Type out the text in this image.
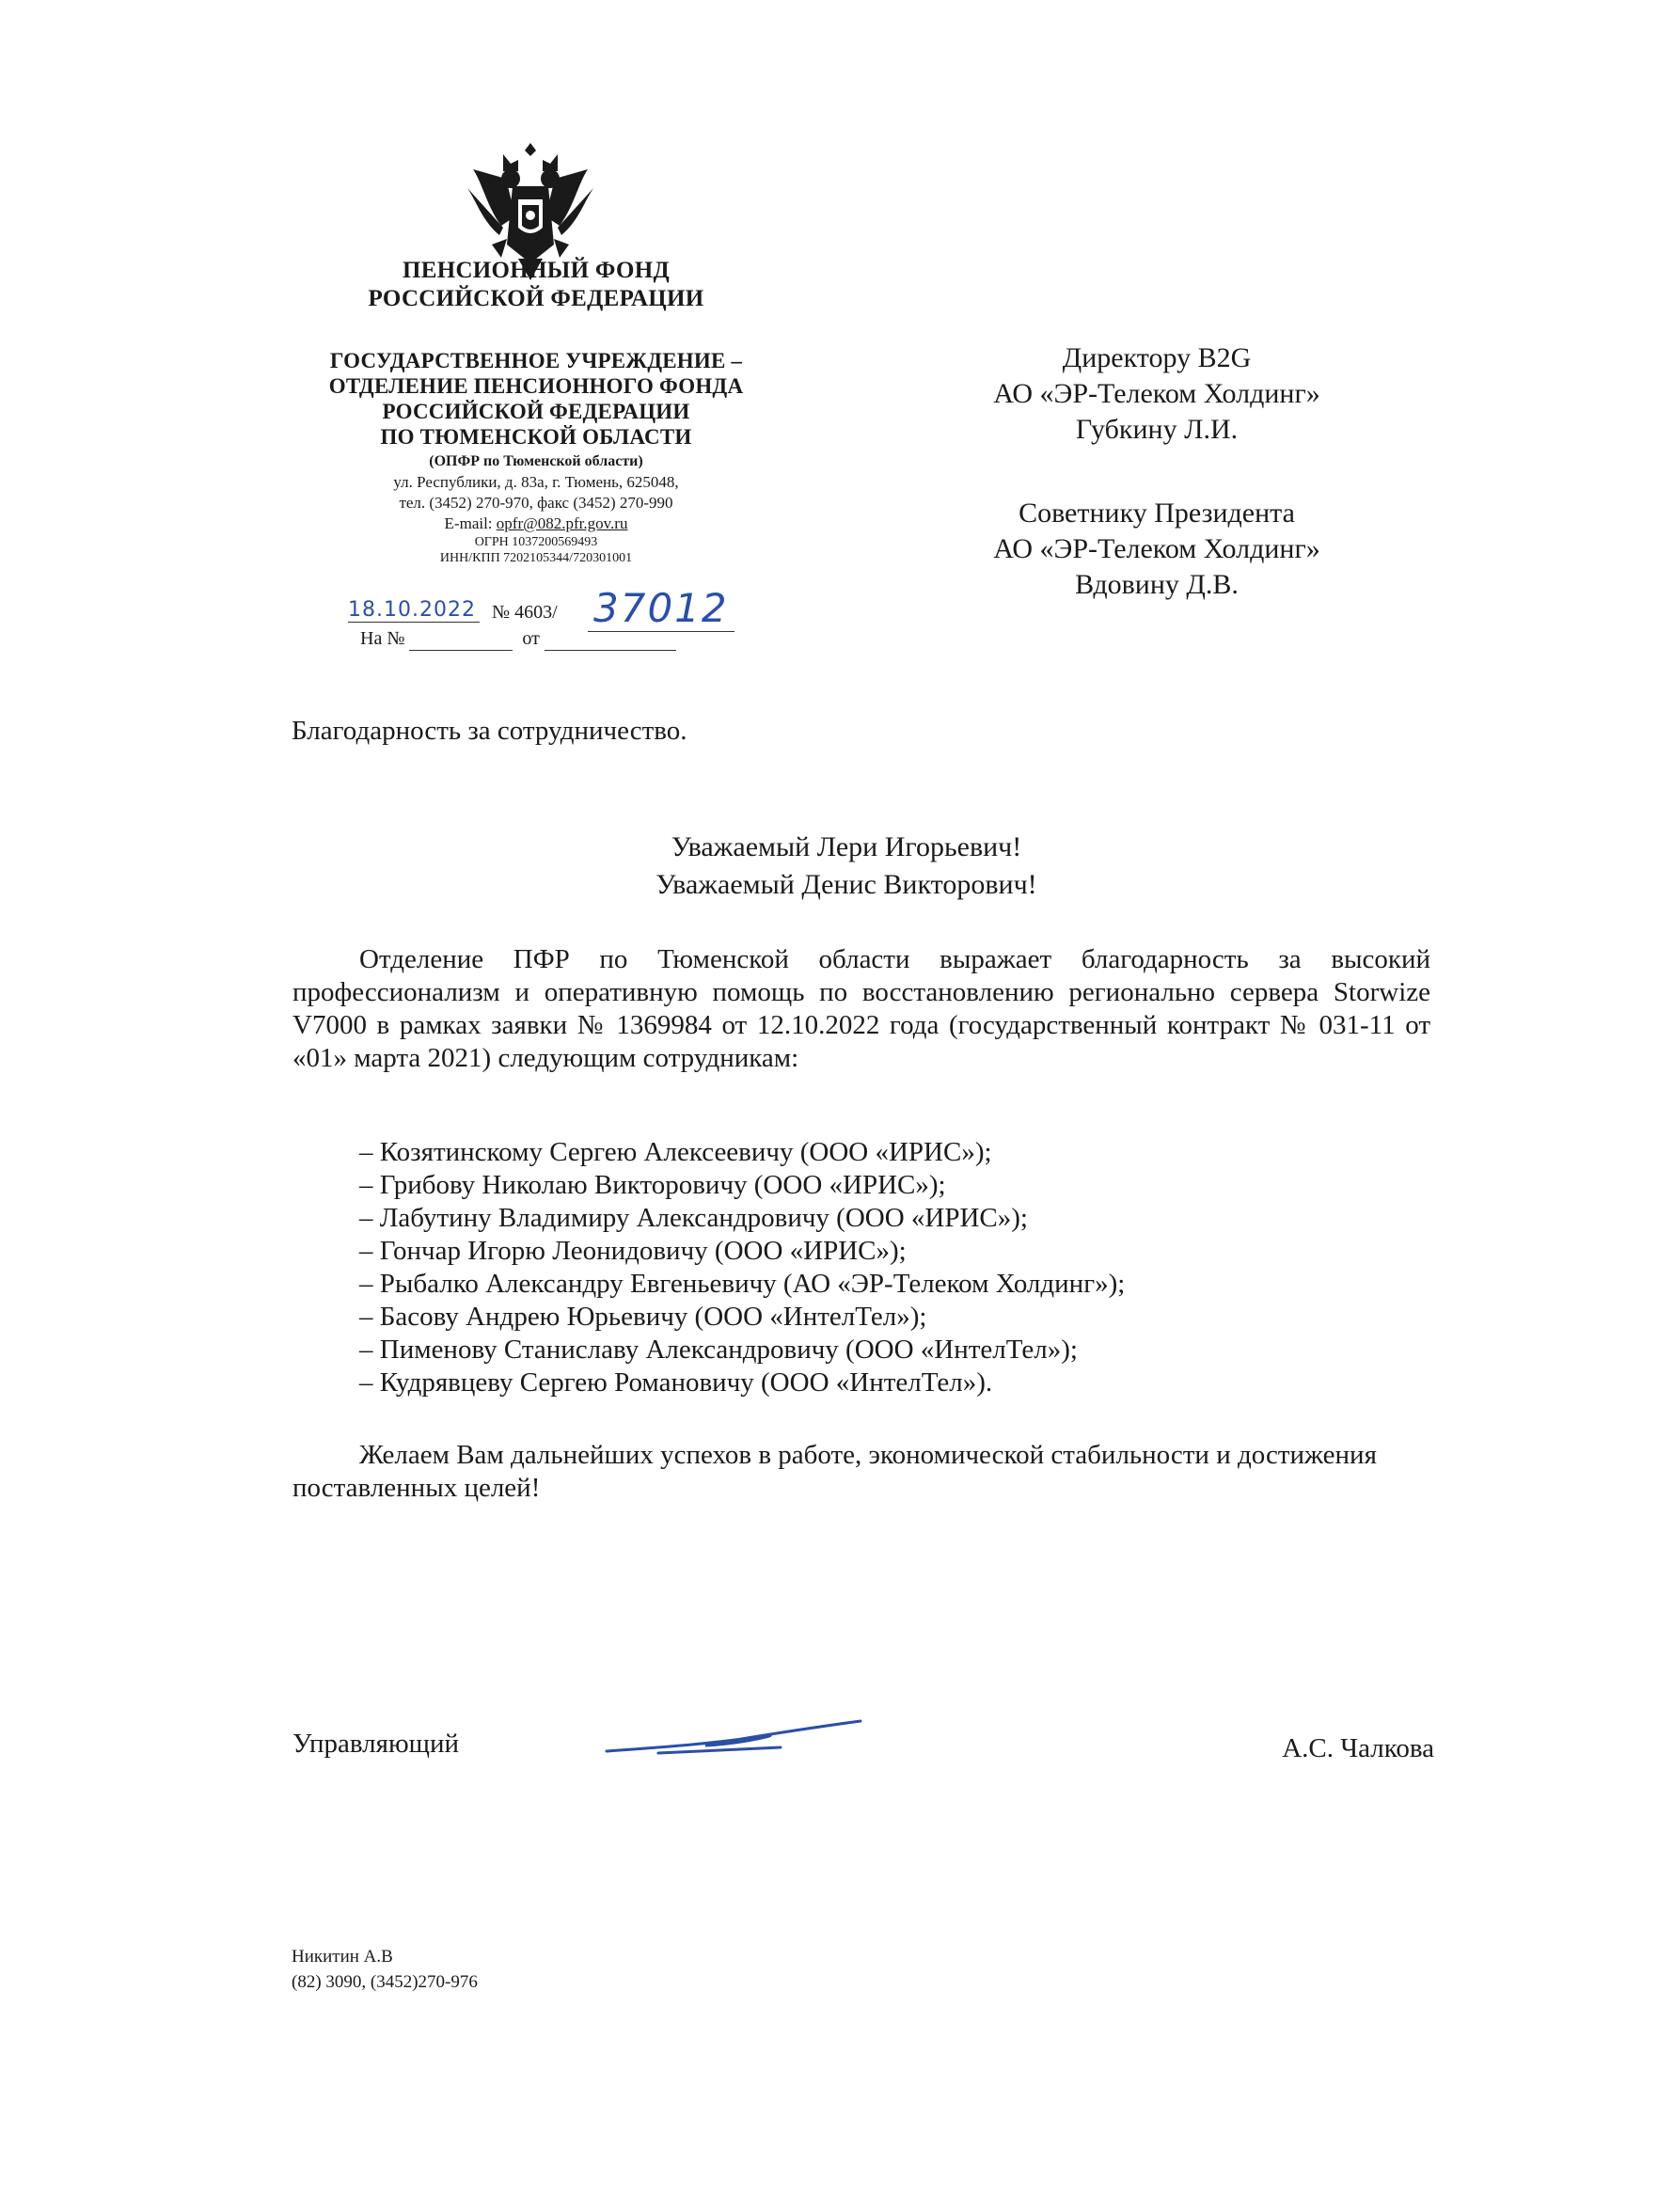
ПЕНСИОННЫЙ ФОНД
РОССИЙСКОЙ ФЕДЕРАЦИИ
ГОСУДАРСТВЕННОЕ УЧРЕЖДЕНИЕ –
ОТДЕЛЕНИЕ ПЕНСИОННОГО ФОНДА
РОССИЙСКОЙ ФЕДЕРАЦИИ
ПО ТЮМЕНСКОЙ ОБЛАСТИ
(ОПФР по Тюменской области)
ул. Республики, д. 83а, г. Тюмень, 625048,
тел. (3452) 270-970, факс (3452) 270-990
E-mail: opfr@082.pfr.gov.ru
ОГРН 1037200569493
ИНН/КПП 7202105344/720301001
18.10.2022 № 4603/ 37012
На №	от
Директору B2G
АО «ЭР-Телеком Холдинг»
Губкину Л.И.
Советнику Президента
АО «ЭР-Телеком Холдинг»
Вдовину Д.В.
Благодарность за сотрудничество.
Уважаемый Лери Игорьевич!
Уважаемый Денис Викторович!
Отделение ПФР по Тюменской области выражает благодарность за высокий профессионализм и оперативную помощь по восстановлению регионально сервера Storwize V7000 в рамках заявки № 1369984 от 12.10.2022 года (государственный контракт № 031-11 от «01» марта 2021) следующим сотрудникам:
– Козятинскому Сергею Алексеевичу (ООО «ИРИС»);
– Грибову Николаю Викторовичу (ООО «ИРИС»);
– Лабутину Владимиру Александровичу (ООО «ИРИС»);
– Гончар Игорю Леонидовичу (ООО «ИРИС»);
– Рыбалко Александру Евгеньевичу (АО «ЭР-Телеком Холдинг»);
– Басову Андрею Юрьевичу (ООО «ИнтелТел»);
– Пименову Станиславу Александровичу (ООО «ИнтелТел»);
– Кудрявцеву Сергею Романовичу (ООО «ИнтелТел»).
Желаем Вам дальнейших успехов в работе, экономической стабильности и достижения поставленных целей!
Управляющий	А.С. Чалкова
Никитин А.В
(82) 3090, (3452)270-976
